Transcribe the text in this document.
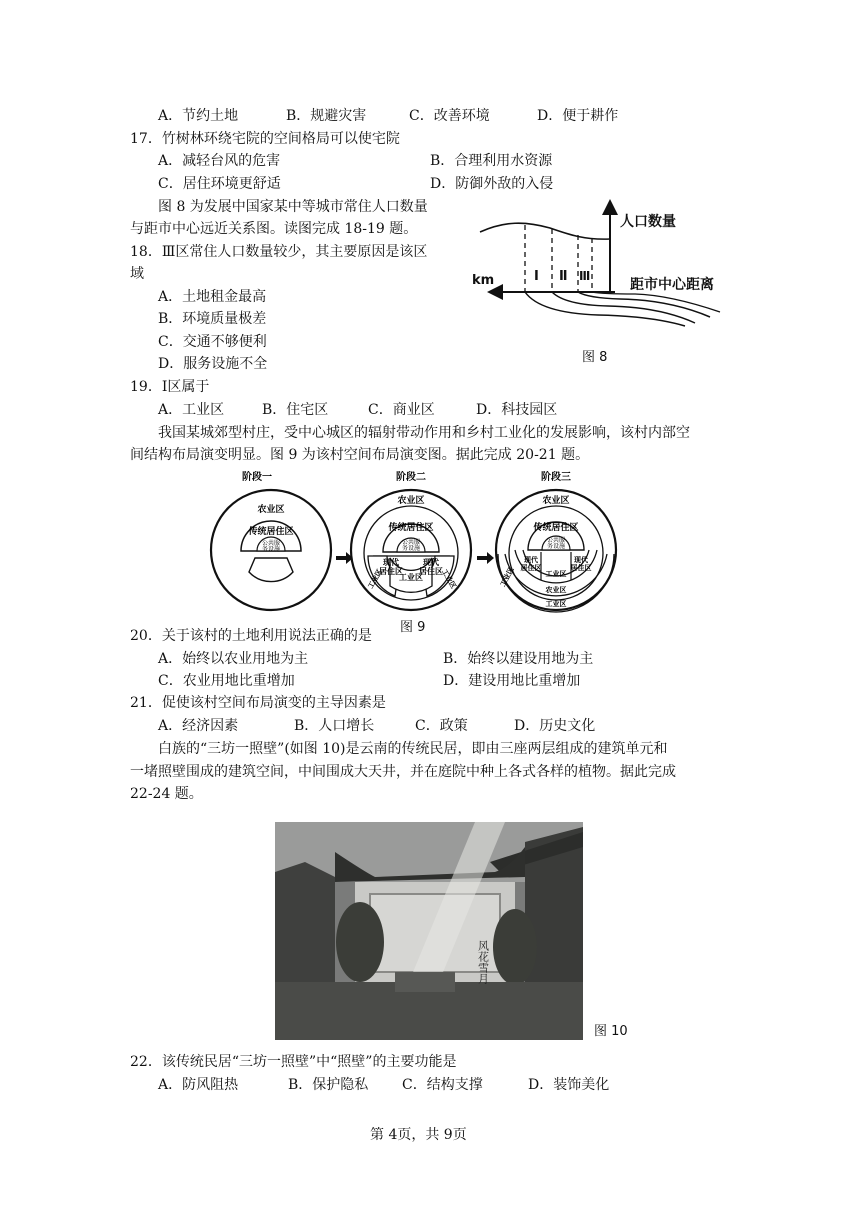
A．节约土地	B．规避灾害	C．改善环境	D．便于耕作
17．竹树林环绕宅院的空间格局可以使宅院
A．减轻台风的危害	B．合理利用水资源
C．居住环境更舒适	D．防御外敌的入侵
图 8 为发展中国家某中等城市常住人口数量
与距市中心远近关系图。读图完成 18-19 题。
18．Ⅲ区常住人口数量较少，其主要原因是该区
域
A．土地租金最高
B．环境质量极差
C．交通不够便利
D．服务设施不全
人口数量
距市中心距离
km	Ⅰ Ⅱ Ⅲ
图 8
19．Ⅰ区属于
A．工业区	B．住宅区	C．商业区	D．科技园区
我国某城郊型村庄，受中心城区的辐射带动作用和乡村工业化的发展影响，该村内部空
间结构布局演变明显。图 9 为该村空间布局演变图。据此完成 20-21 题。
阶段一
农业区
传统居住区
公共服
务设施
阶段二
农业区
传统居住区
公共服
务设施
现代
居住区
现代
居住区
工业区
工业区	工业区
阶段三
农业区
传统居住区
公共服
务设施
现代
居住区
现代
居住区
工业区
农业区
工业区
工业区
图 9
20．关于该村的土地利用说法正确的是
A．始终以农业用地为主	B．始终以建设用地为主
C．农业用地比重增加	D．建设用地比重增加
21．促使该村空间布局演变的主导因素是
A．经济因素	B．人口增长	C．政策	D．历史文化
白族的“三坊一照壁”(如图 10)是云南的传统民居，即由三座两层组成的建筑单元和
一堵照壁围成的建筑空间，中间围成大天井，并在庭院中种上各式各样的植物。据此完成
22-24 题。
风花雪月
图 10
22．该传统民居“三坊一照壁”中“照壁”的主要功能是
A．防风阻热	B．保护隐私 C．结构支撑	D．装饰美化
第 4页，共 9页
